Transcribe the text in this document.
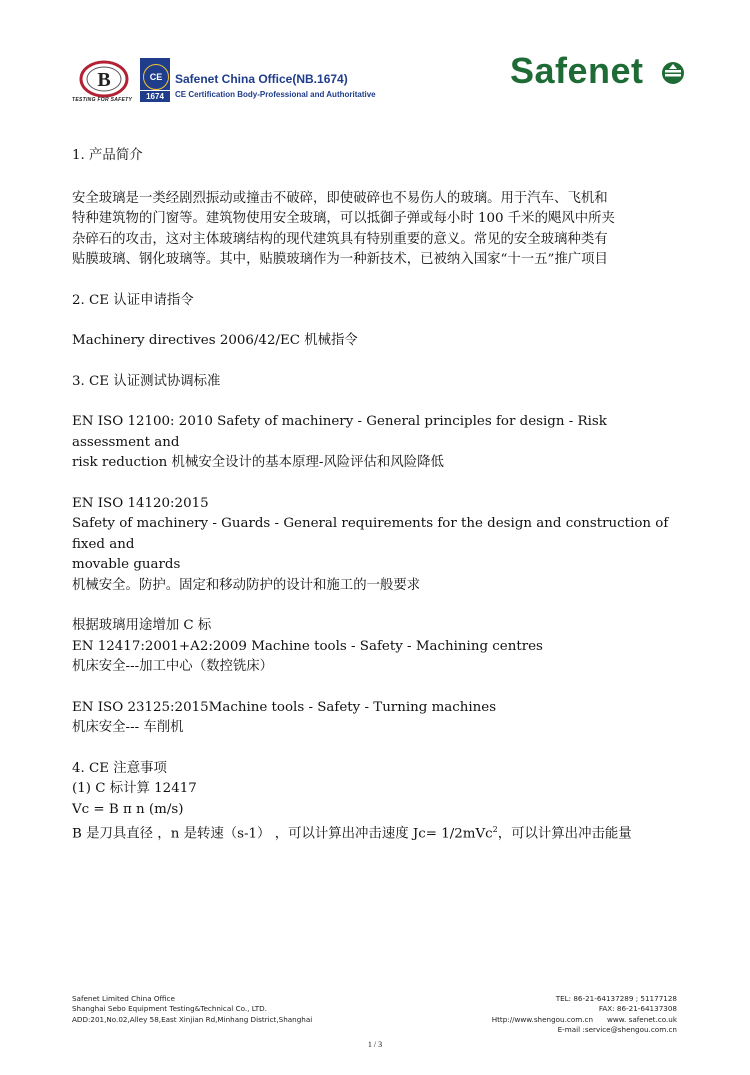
B
TESTING FOR SAFETY
CE
1674
Safenet China Office(NB.1674)
CE Certification Body-Professional and Authoritative
Safenet

1. 产品简介

安全玻璃是一类经剧烈振动或撞击不破碎，即使破碎也不易伤人的玻璃。用于汽车、飞机和

特种建筑物的门窗等。建筑物使用安全玻璃，可以抵御子弹或每小时 100 千米的飓风中所夹

杂碎石的攻击，这对主体玻璃结构的现代建筑具有特别重要的意义。常见的安全玻璃种类有

贴膜玻璃、钢化玻璃等。其中，贴膜玻璃作为一种新技术，已被纳入国家“十一五”推广项目

2. CE 认证申请指令

Machinery directives 2006/42/EC 机械指令

3. CE 认证测试协调标准

EN ISO 12100: 2010 Safety of machinery - General principles for design - Risk assessment and

risk reduction 机械安全设计的基本原理-风险评估和风险降低

EN ISO 14120:2015

Safety of machinery - Guards - General requirements for the design and construction of fixed and

movable guards

机械安全。防护。固定和移动防护的设计和施工的一般要求

根据玻璃用途增加 C 标

EN 12417:2001+A2:2009 Machine tools - Safety - Machining centres

机床安全---加工中心（数控铣床）

EN ISO 23125:2015Machine tools - Safety - Turning machines

机床安全--- 车削机

4. CE 注意事项

(1) C 标计算 12417

Vc = B π n (m/s)

B 是刀具直径 ，n 是转速（s-1） ，可以计算出冲击速度 Jc= 1/2mVc$^2$，可以计算出冲击能量

Safenet Limited China Office
Shanghai Sebo Equipment Testing&Technical Co., LTD.
ADD:201,No.02,Alley 58,East Xinjian Rd,Minhang District,Shanghai
TEL: 86-21-64137289 ; 51177128
FAX: 86-21-64137308
Http://www.shengou.com.cn www. safenet.co.uk
E-mail :service@shengou.com.cn
1 / 3
